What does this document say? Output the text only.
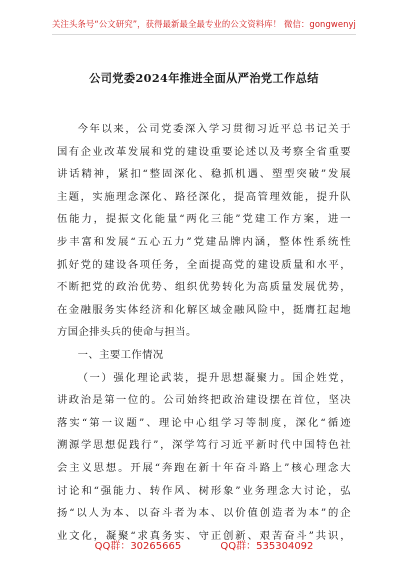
关注头条号“公文研究”，获得最新最全最专业的公文资料库！ 微信：gongwenyj
公司党委2024年推进全面从严治党工作总结
今年以来，公司党委深入学习贯彻习近平总书记关于
国有企业改革发展和党的建设重要论述以及考察全省重要
讲话精神，紧扣“整固深化、稳抓机遇、塑型突破”发展
主题，实施理念深化、路径深化，提高管理效能，提升队
伍能力，提振文化能量“两化三能”党建工作方案，进一
步丰富和发展“五心五力”党建品牌内涵，整体性系统性
抓好党的建设各项任务，全面提高党的建设质量和水平，
不断把党的政治优势、组织优势转化为高质量发展优势，
在金融服务实体经济和化解区域金融风险中，挺膺扛起地
方国企排头兵的使命与担当。
一、主要工作情况
（一）强化理论武装，提升思想凝聚力。国企姓党，
讲政治是第一位的。公司始终把政治建设摆在首位，坚决
落实“第一议题”、理论中心组学习等制度，深化“循迹
溯源学思想促践行”，深学笃行习近平新时代中国特色社
会主义思想。开展“奔跑在新十年奋斗路上”核心理念大
讨论和“强能力、转作风、树形象”业务理念大讨论，弘
扬“以人为本、以奋斗者为本、以价值创造者为本”的企
业文化，凝聚“求真务实、守正创新、艰苦奋斗”共识，
QQ群：30265665	QQ群：535304092
